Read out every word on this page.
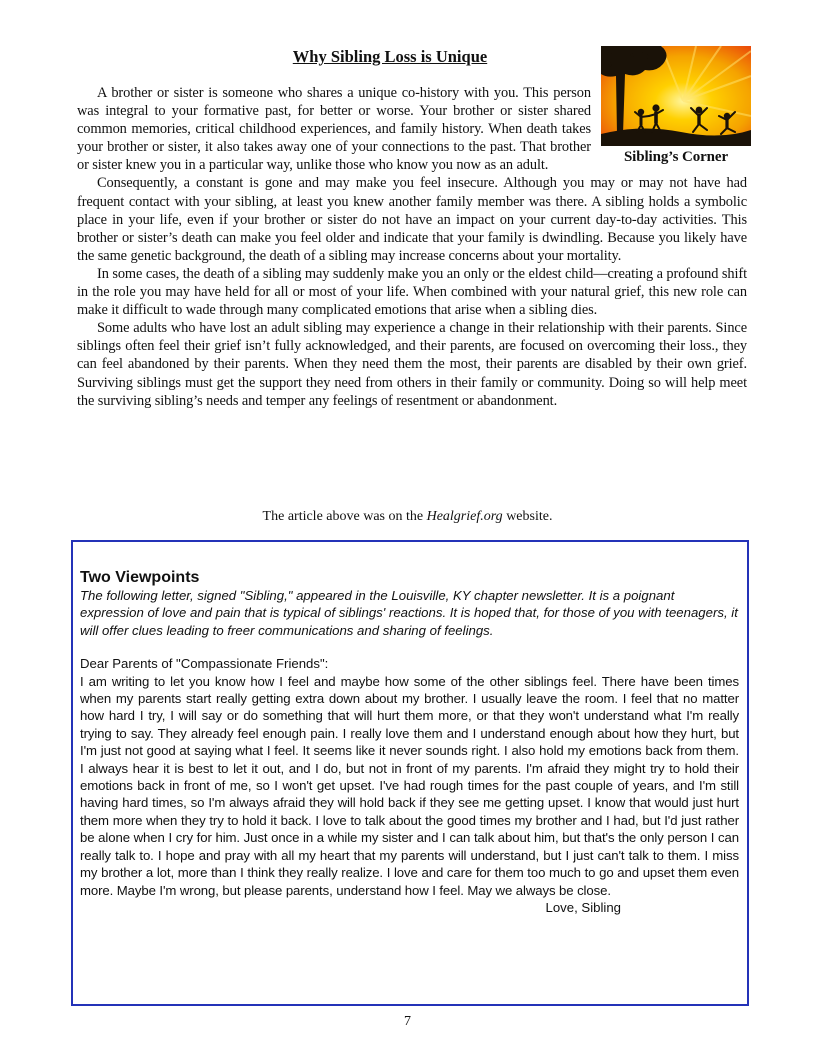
Why Sibling Loss is Unique
Sibling’s Corner

A brother or sister is someone who shares a unique co-history with you. This person was integral to your formative past, for better or worse. Your brother or sister shared common memories, critical childhood experiences, and family history. When death takes your brother or sister, it also takes away one of your connections to the past. That brother or sister knew you in a particular way, unlike those who know you now as an adult.

Consequently, a constant is gone and may make you feel insecure. Although you may or may not have had frequent contact with your sibling, at least you knew another family member was there. A sibling holds a symbolic place in your life, even if your brother or sister do not have an impact on your current day-to-day activities. This brother or sister’s death can make you feel older and indicate that your family is dwindling. Because you likely have the same genetic background, the death of a sibling may increase concerns about your mortality.

In some cases, the death of a sibling may suddenly make you an only or the eldest child—creating a profound shift in the role you may have held for all or most of your life. When combined with your natural grief, this new role can make it difficult to wade through many complicated emotions that arise when a sibling dies.

Some adults who have lost an adult sibling may experience a change in their relationship with their parents. Since siblings often feel their grief isn’t fully acknowledged, and their parents, are focused on overcoming their loss., they can feel abandoned by their parents. When they need them the most, their parents are disabled by their own grief. Surviving siblings must get the support they need from others in their family or community. Doing so will help meet the surviving sibling’s needs and temper any feelings of resentment or abandonment.

The article above was on the Healgrief.org website.
Two Viewpoints

The following letter, signed "Sibling," appeared in the Louisville, KY chapter newsletter. It is a poignant expression of love and pain that is typical of siblings' reactions. It is hoped that, for those of you with teenagers, it will offer clues leading to freer communications and sharing of feelings.

Dear Parents of "Compassionate Friends":

I am writing to let you know how I feel and maybe how some of the other siblings feel. There have been times when my parents start really getting extra down about my brother. I usually leave the room. I feel that no matter how hard I try, I will say or do something that will hurt them more, or that they won't understand what I'm really trying to say. They already feel enough pain. I really love them and I understand enough about how they hurt, but I'm just not good at saying what I feel. It seems like it never sounds right. I also hold my emotions back from them. I always hear it is best to let it out, and I do, but not in front of my parents. I'm afraid they might try to hold their emotions back in front of me, so I won't get upset. I've had rough times for the past couple of years, and I'm still having hard times, so I'm always afraid they will hold back if they see me getting upset. I know that would just hurt them more when they try to hold it back. I love to talk about the good times my brother and I had, but I'd just rather be alone when I cry for him. Just once in a while my sister and I can talk about him, but that's the only person I can really talk to. I hope and pray with all my heart that my parents will understand, but I just can't talk to them. I miss my brother a lot, more than I think they really realize. I love and care for them too much to go and upset them even more. Maybe I'm wrong, but please parents, understand how I feel. May we always be close.

Love, Sibling

7
